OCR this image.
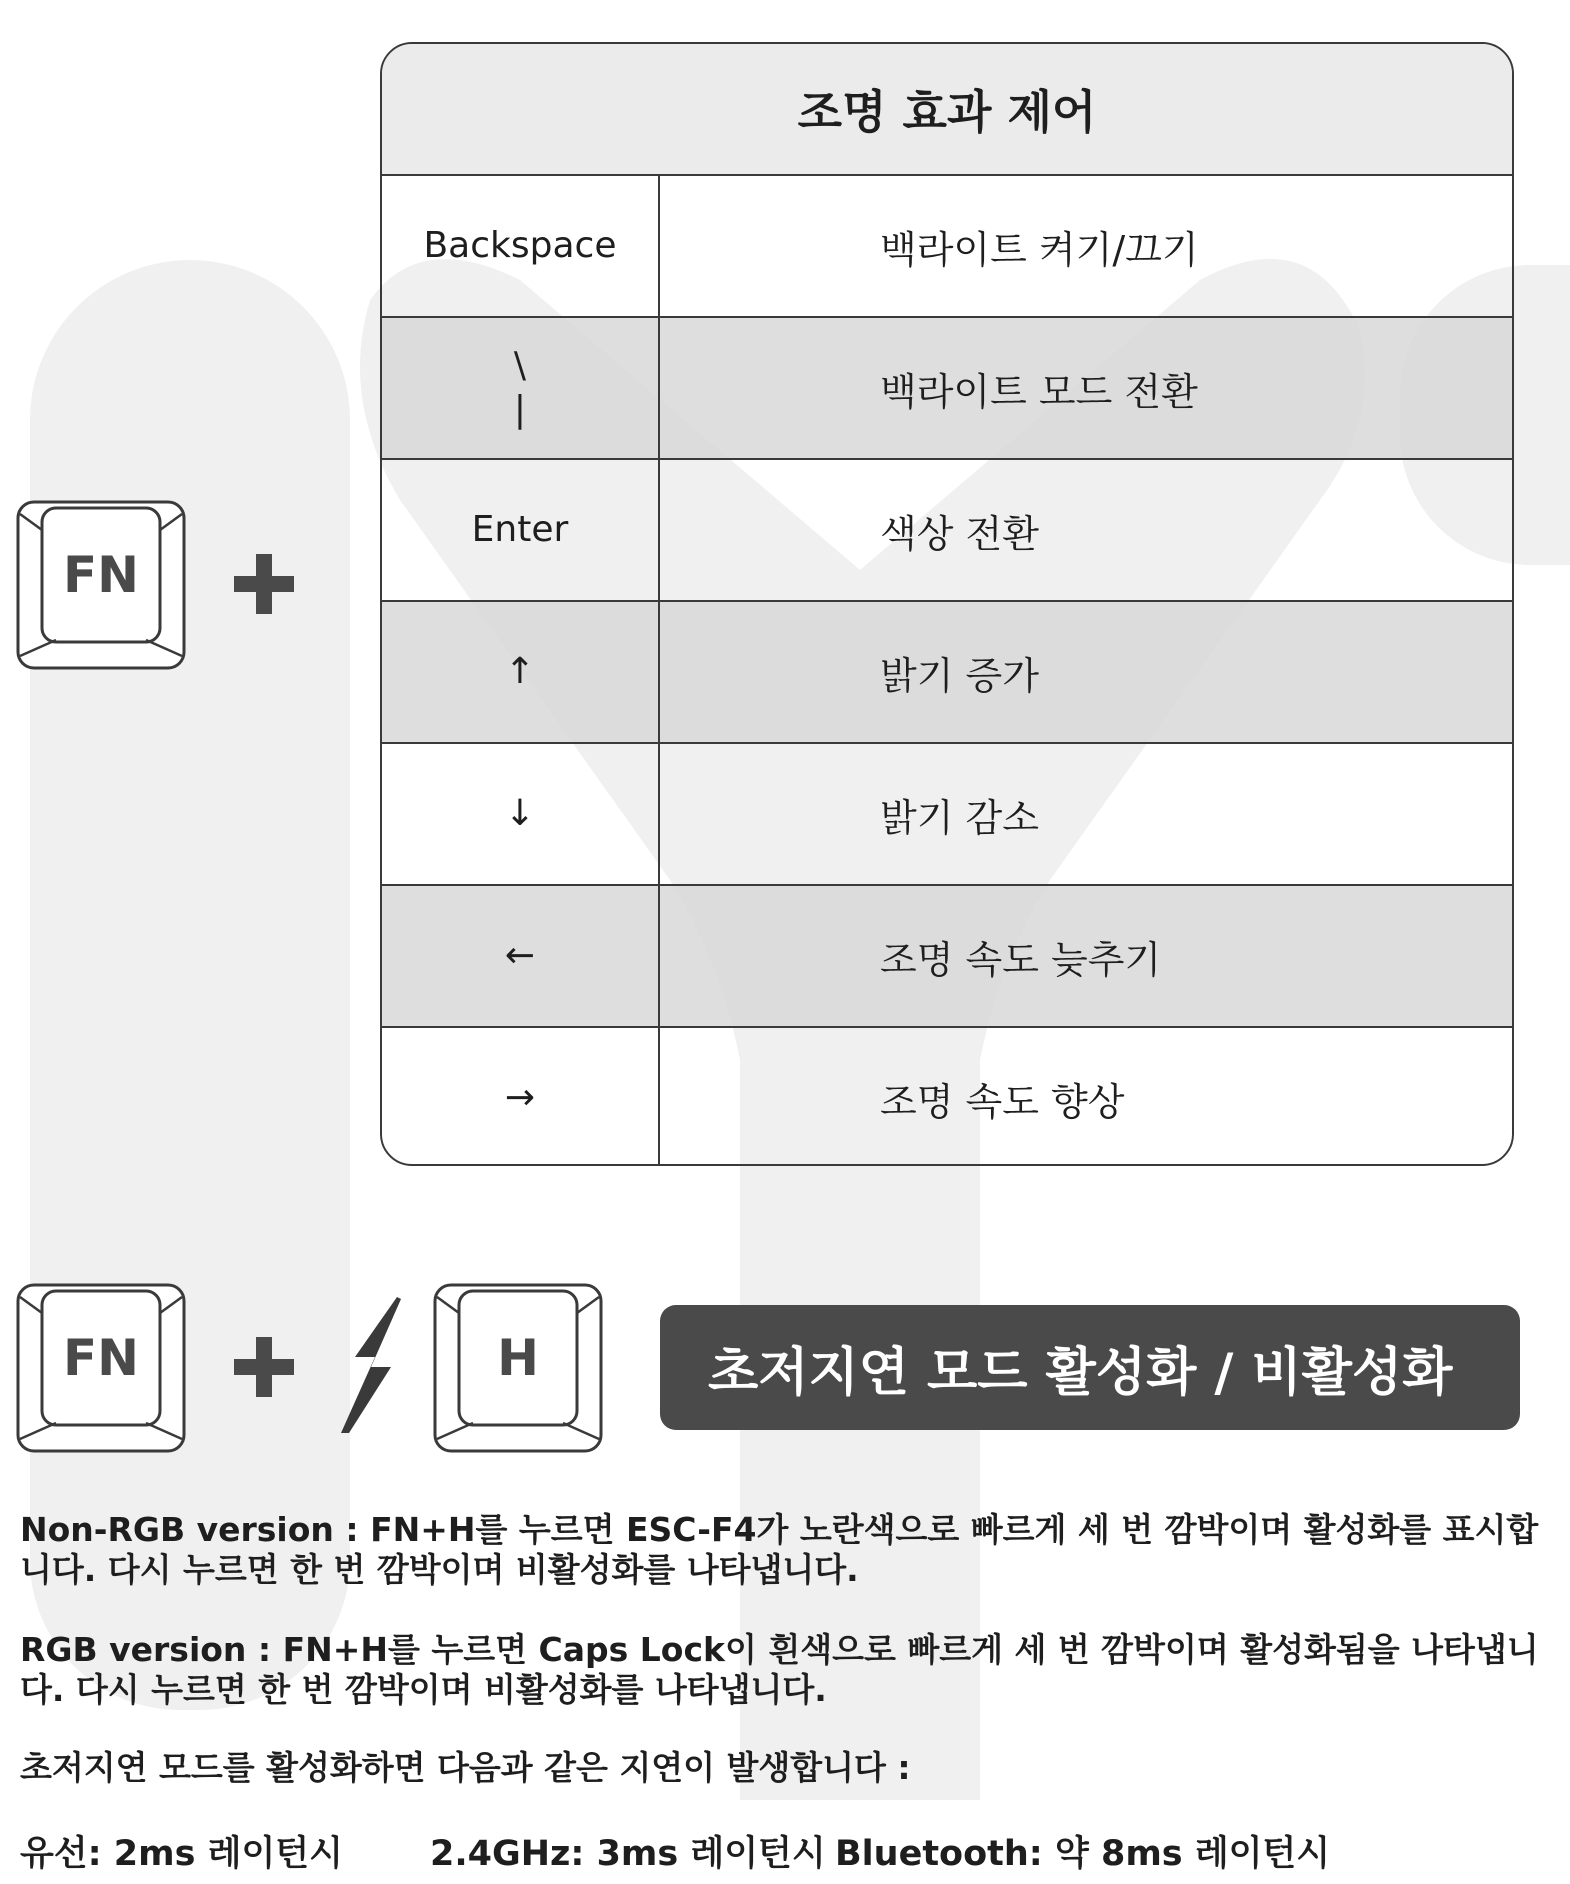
조명 효과 제어
Backspace	백라이트 켜기/끄기
\
|	백라이트 모드 전환
Enter	색상 전환
↑	밝기 증가
↓	밝기 감소
←	조명 속도 늦추기
→	조명 속도 향상
FN
FN	H	초저지연 모드 활성화 / 비활성화
Non-RGB version : FN+H를 누르면 ESC-F4가 노란색으로 빠르게 세 번 깜박이며 활성화를 표시합니다. 다시 누르면 한 번 깜박이며 비활성화를 나타냅니다.
RGB version : FN+H를 누르면 Caps Lock이 흰색으로 빠르게 세 번 깜박이며 활성화됨을 나타냅니다. 다시 누르면 한 번 깜박이며 비활성화를 나타냅니다.
초저지연 모드를 활성화하면 다음과 같은 지연이 발생합니다 :
유선: 2ms 레이턴시 2.4GHz: 3ms 레이턴시 Bluetooth: 약 8ms 레이턴시
